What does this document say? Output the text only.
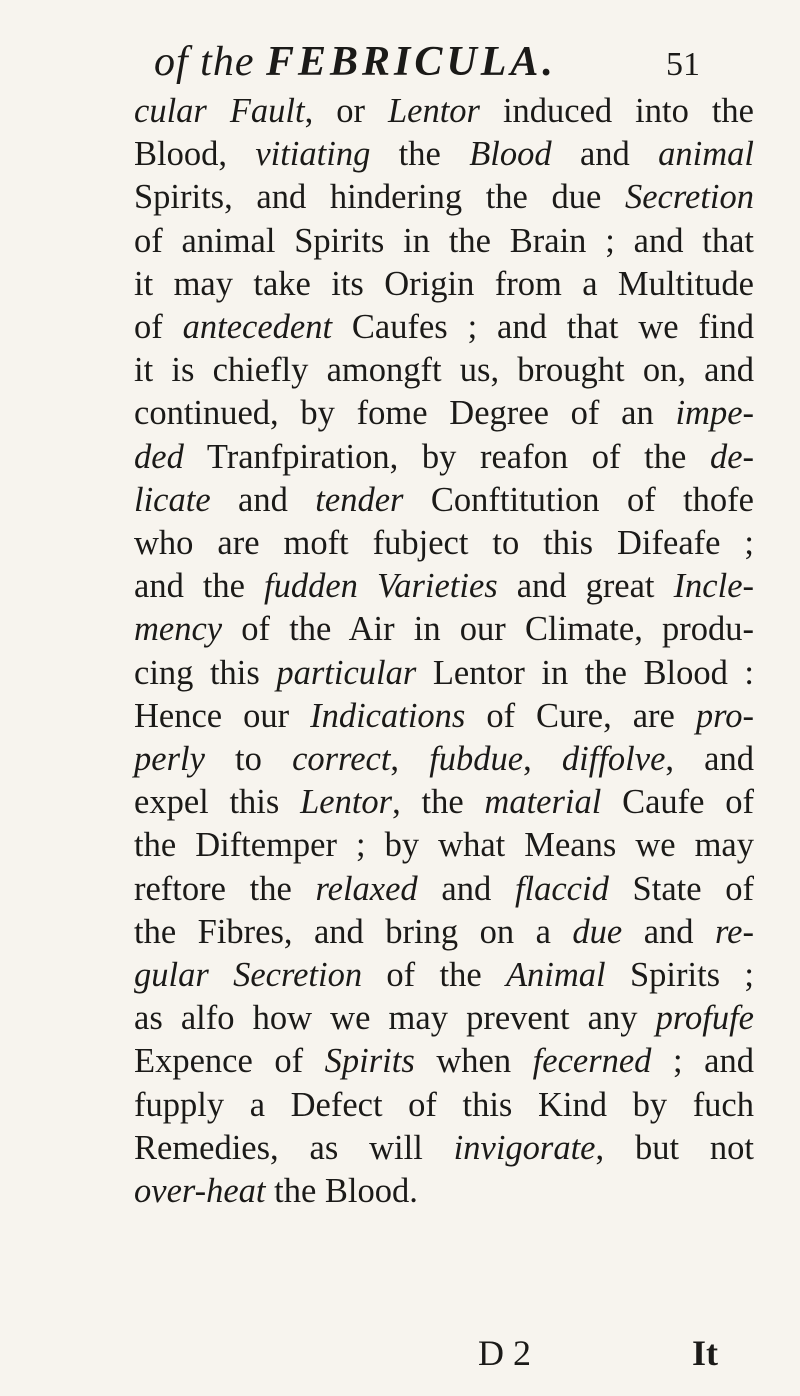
of the FEBRICULA.	51
cular Fault, or Lentor induced into the
Blood, vitiating the Blood and animal
Spirits, and hindering the due Secretion
of animal Spirits in the Brain ; and that
it may take its Origin from a Multitude
of antecedent Caufes ; and that we find
it is chiefly amongft us, brought on, and
continued, by fome Degree of an impe-
ded Tranfpiration, by reafon of the de-
licate and tender Conftitution of thofe
who are moft fubject to this Difeafe ;
and the fudden Varieties and great Incle-
mency of the Air in our Climate, produ-
cing this particular Lentor in the Blood :
Hence our Indications of Cure, are pro-
perly to correct, fubdue, diffolve, and
expel this Lentor, the material Caufe of
the Diftemper ; by what Means we may
reftore the relaxed and flaccid State of
the Fibres, and bring on a due and re-
gular Secretion of the Animal Spirits ;
as alfo how we may prevent any profufe
Expence of Spirits when fecerned ; and
fupply a Defect of this Kind by fuch
Remedies, as will invigorate, but not
over-heat the Blood.
D 2	It
